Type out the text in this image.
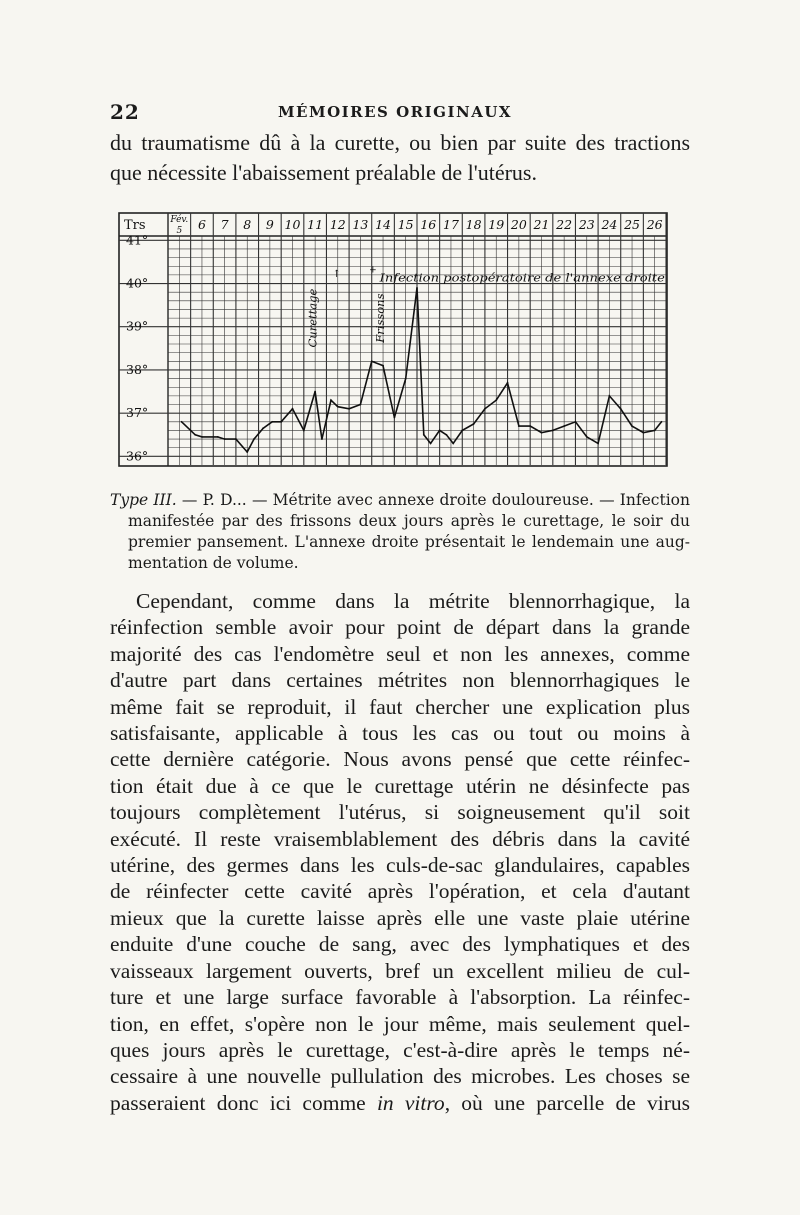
22	MÉMOIRES ORIGINAUX
du traumatisme dû à la curette, ou bien par suite des tractions
que nécessite l'abaissement préalable de l'utérus.
Trs	Fév. 5	6 7 8 9 10 11 12 13 14 15 16 17 18 19 20 21 22 23 24 25 26
41°
40°
39°
38°
37°
36°
Curettage	Frissons
↑	+
Infection postopératoire de l'annexe droite
Type III. — P. D... — Métrite avec annexe droite douloureuse. — Infection
manifestée par des frissons deux jours après le curettage, le soir du
premier pansement. L'annexe droite présentait le lendemain une aug-
mentation de volume.
Cependant, comme dans la métrite blennorrhagique, la
réinfection semble avoir pour point de départ dans la grande
majorité des cas l'endomètre seul et non les annexes, comme
d'autre part dans certaines métrites non blennorrhagiques le
même fait se reproduit, il faut chercher une explication plus
satisfaisante, applicable à tous les cas ou tout ou moins à
cette dernière catégorie. Nous avons pensé que cette réinfec-
tion était due à ce que le curettage utérin ne désinfecte pas
toujours complètement l'utérus, si soigneusement qu'il soit
exécuté. Il reste vraisemblablement des débris dans la cavité
utérine, des germes dans les culs-de-sac glandulaires, capables
de réinfecter cette cavité après l'opération, et cela d'autant
mieux que la curette laisse après elle une vaste plaie utérine
enduite d'une couche de sang, avec des lymphatiques et des
vaisseaux largement ouverts, bref un excellent milieu de cul-
ture et une large surface favorable à l'absorption. La réinfec-
tion, en effet, s'opère non le jour même, mais seulement quel-
ques jours après le curettage, c'est-à-dire après le temps né-
cessaire à une nouvelle pullulation des microbes. Les choses se
passeraient donc ici comme in vitro, où une parcelle de virus
